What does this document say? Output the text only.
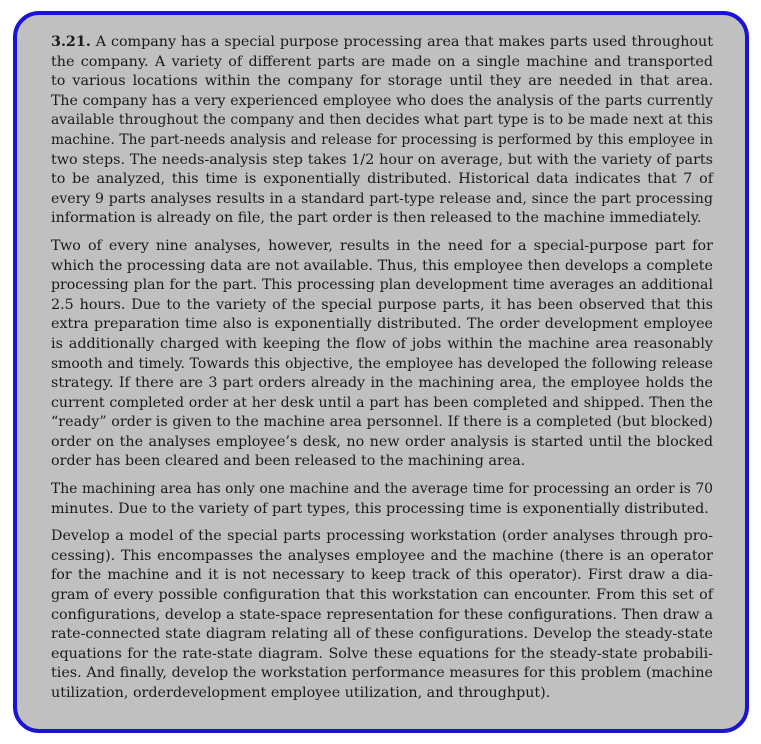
3.21. A company has a special purpose processing area that makes parts used throughout
the company. A variety of different parts are made on a single machine and transported
to various locations within the company for storage until they are needed in that area.
The company has a very experienced employee who does the analysis of the parts currently
available throughout the company and then decides what part type is to be made next at this
machine. The part-needs analysis and release for processing is performed by this employee in
two steps. The needs-analysis step takes 1/2 hour on average, but with the variety of parts
to be analyzed, this time is exponentially distributed. Historical data indicates that 7 of
every 9 parts analyses results in a standard part-type release and, since the part processing
information is already on file, the part order is then released to the machine immediately.
Two of every nine analyses, however, results in the need for a special-purpose part for
which the processing data are not available. Thus, this employee then develops a complete
processing plan for the part. This processing plan development time averages an additional
2.5 hours. Due to the variety of the special purpose parts, it has been observed that this
extra preparation time also is exponentially distributed. The order development employee
is additionally charged with keeping the flow of jobs within the machine area reasonably
smooth and timely. Towards this objective, the employee has developed the following release
strategy. If there are 3 part orders already in the machining area, the employee holds the
current completed order at her desk until a part has been completed and shipped. Then the
“ready” order is given to the machine area personnel. If there is a completed (but blocked)
order on the analyses employee’s desk, no new order analysis is started until the blocked
order has been cleared and been released to the machining area.
The machining area has only one machine and the average time for processing an order is 70
minutes. Due to the variety of part types, this processing time is exponentially distributed.
Develop a model of the special parts processing workstation (order analyses through pro-
cessing). This encompasses the analyses employee and the machine (there is an operator
for the machine and it is not necessary to keep track of this operator). First draw a dia-
gram of every possible configuration that this workstation can encounter. From this set of
configurations, develop a state-space representation for these configurations. Then draw a
rate-connected state diagram relating all of these configurations. Develop the steady-state
equations for the rate-state diagram. Solve these equations for the steady-state probabili-
ties. And finally, develop the workstation performance measures for this problem (machine
utilization, orderdevelopment employee utilization, and throughput).
